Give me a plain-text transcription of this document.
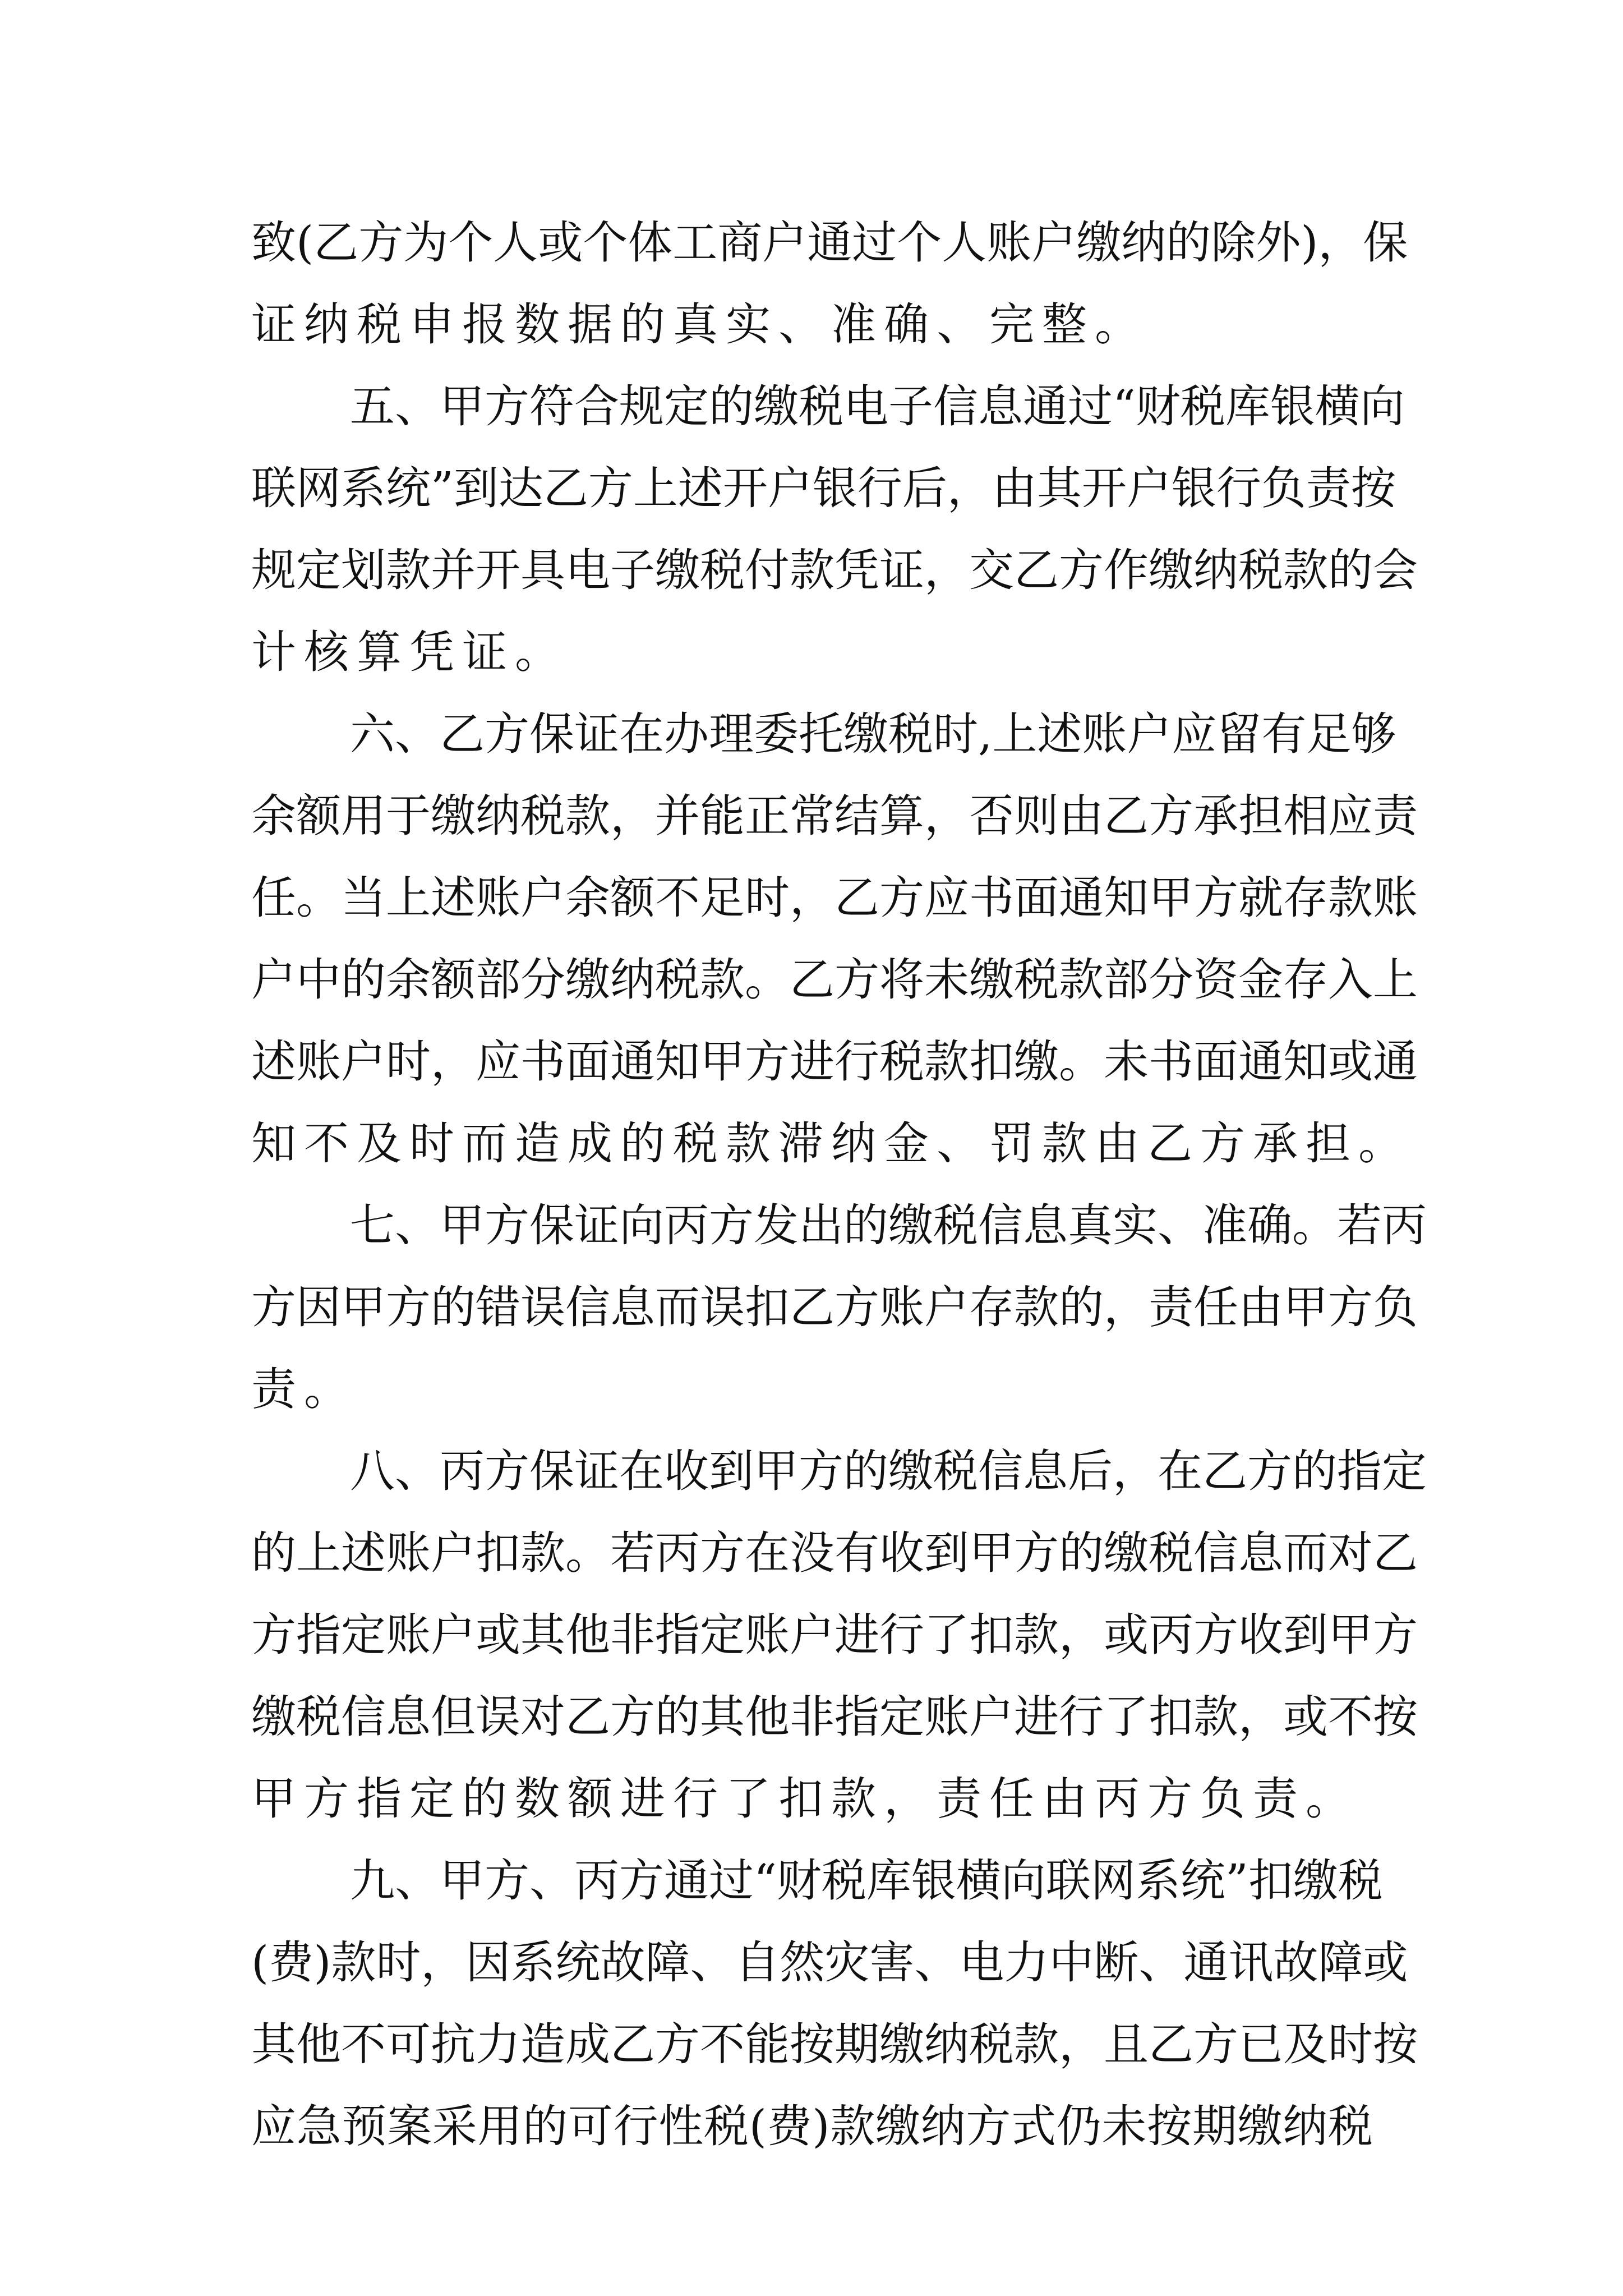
致(乙方为个人或个体工商户通过个人账户缴纳的除外)，保
证纳税申报数据的真实、准确、完整。
五、甲方符合规定的缴税电子信息通过“财税库银横向
联网系统”到达乙方上述开户银行后，由其开户银行负责按
规定划款并开具电子缴税付款凭证，交乙方作缴纳税款的会
计核算凭证。
六、乙方保证在办理委托缴税时,上述账户应留有足够
余额用于缴纳税款，并能正常结算，否则由乙方承担相应责
任。当上述账户余额不足时，乙方应书面通知甲方就存款账
户中的余额部分缴纳税款。乙方将未缴税款部分资金存入上
述账户时，应书面通知甲方进行税款扣缴。未书面通知或通
知不及时而造成的税款滞纳金、罚款由乙方承担。
七、甲方保证向丙方发出的缴税信息真实、准确。若丙
方因甲方的错误信息而误扣乙方账户存款的，责任由甲方负
责。
八、丙方保证在收到甲方的缴税信息后，在乙方的指定
的上述账户扣款。若丙方在没有收到甲方的缴税信息而对乙
方指定账户或其他非指定账户进行了扣款，或丙方收到甲方
缴税信息但误对乙方的其他非指定账户进行了扣款，或不按
甲方指定的数额进行了扣款，责任由丙方负责。
九、甲方、丙方通过“财税库银横向联网系统”扣缴税
(费)款时，因系统故障、自然灾害、电力中断、通讯故障或
其他不可抗力造成乙方不能按期缴纳税款，且乙方已及时按
应急预案采用的可行性税(费)款缴纳方式仍未按期缴纳税
